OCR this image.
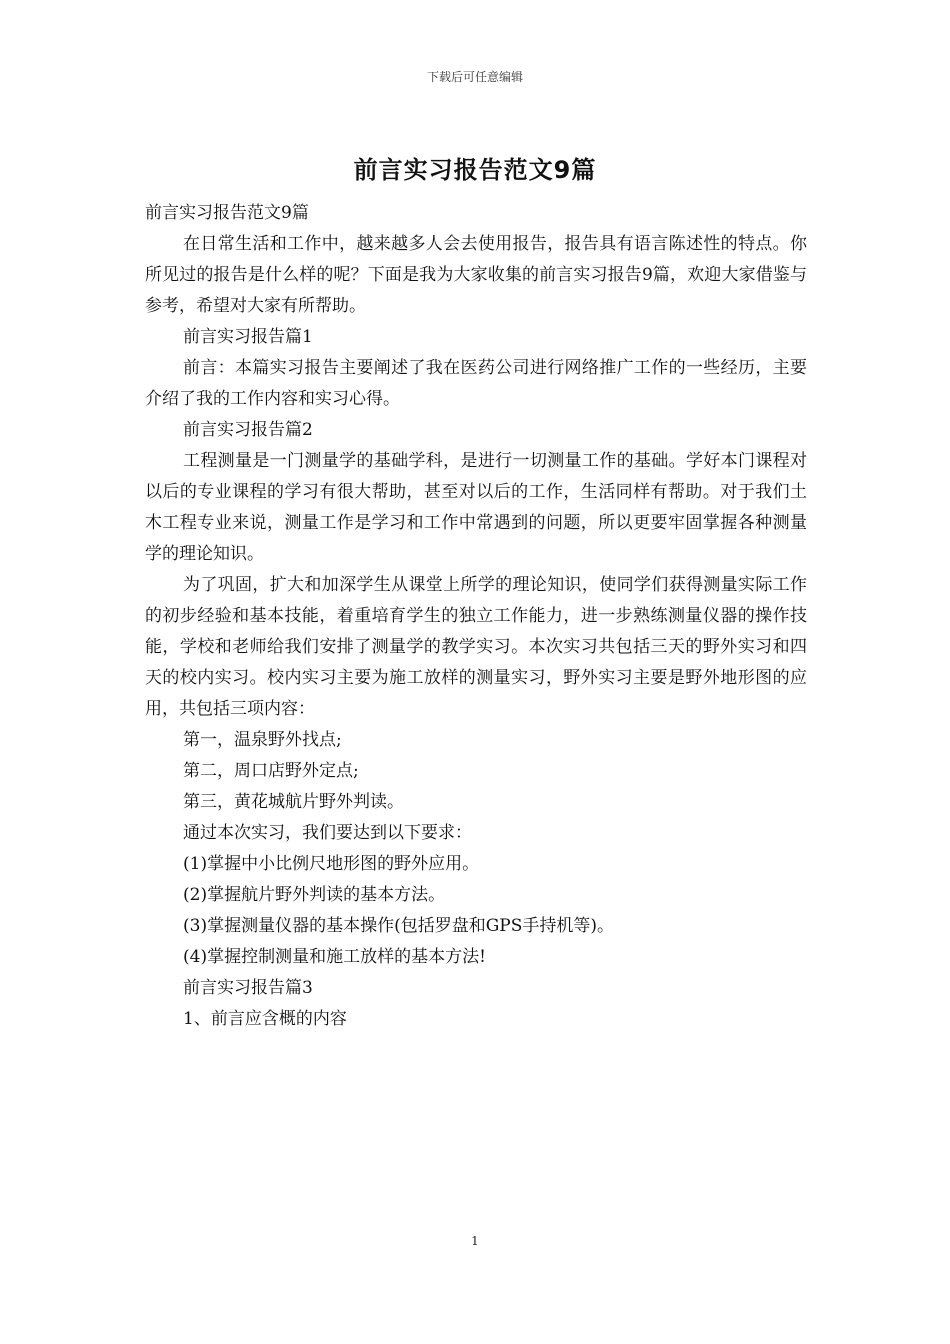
下载后可任意编辑
前言实习报告范文9篇

前言实习报告范文9篇

在日常生活和工作中，越来越多人会去使用报告，报告具有语言陈述性的特点。你所见过的报告是什么样的呢？下面是我为大家收集的前言实习报告9篇，欢迎大家借鉴与参考，希望对大家有所帮助。

前言实习报告篇1

前言：本篇实习报告主要阐述了我在医药公司进行网络推广工作的一些经历，主要介绍了我的工作内容和实习心得。

前言实习报告篇2

工程测量是一门测量学的基础学科，是进行一切测量工作的基础。学好本门课程对以后的专业课程的学习有很大帮助，甚至对以后的工作，生活同样有帮助。对于我们土木工程专业来说，测量工作是学习和工作中常遇到的问题，所以更要牢固掌握各种测量学的理论知识。

为了巩固，扩大和加深学生从课堂上所学的理论知识，使同学们获得测量实际工作的初步经验和基本技能，着重培育学生的独立工作能力，进一步熟练测量仪器的操作技能，学校和老师给我们安排了测量学的教学实习。本次实习共包括三天的野外实习和四天的校内实习。校内实习主要为施工放样的测量实习，野外实习主要是野外地形图的应用，共包括三项内容：

第一，温泉野外找点;

第二，周口店野外定点;

第三，黄花城航片野外判读。

通过本次实习，我们要达到以下要求：

(1)掌握中小比例尺地形图的野外应用。

(2)掌握航片野外判读的基本方法。

(3)掌握测量仪器的基本操作(包括罗盘和GPS手持机等)。

(4)掌握控制测量和施工放样的基本方法!

前言实习报告篇3

1、前言应含概的内容

1
